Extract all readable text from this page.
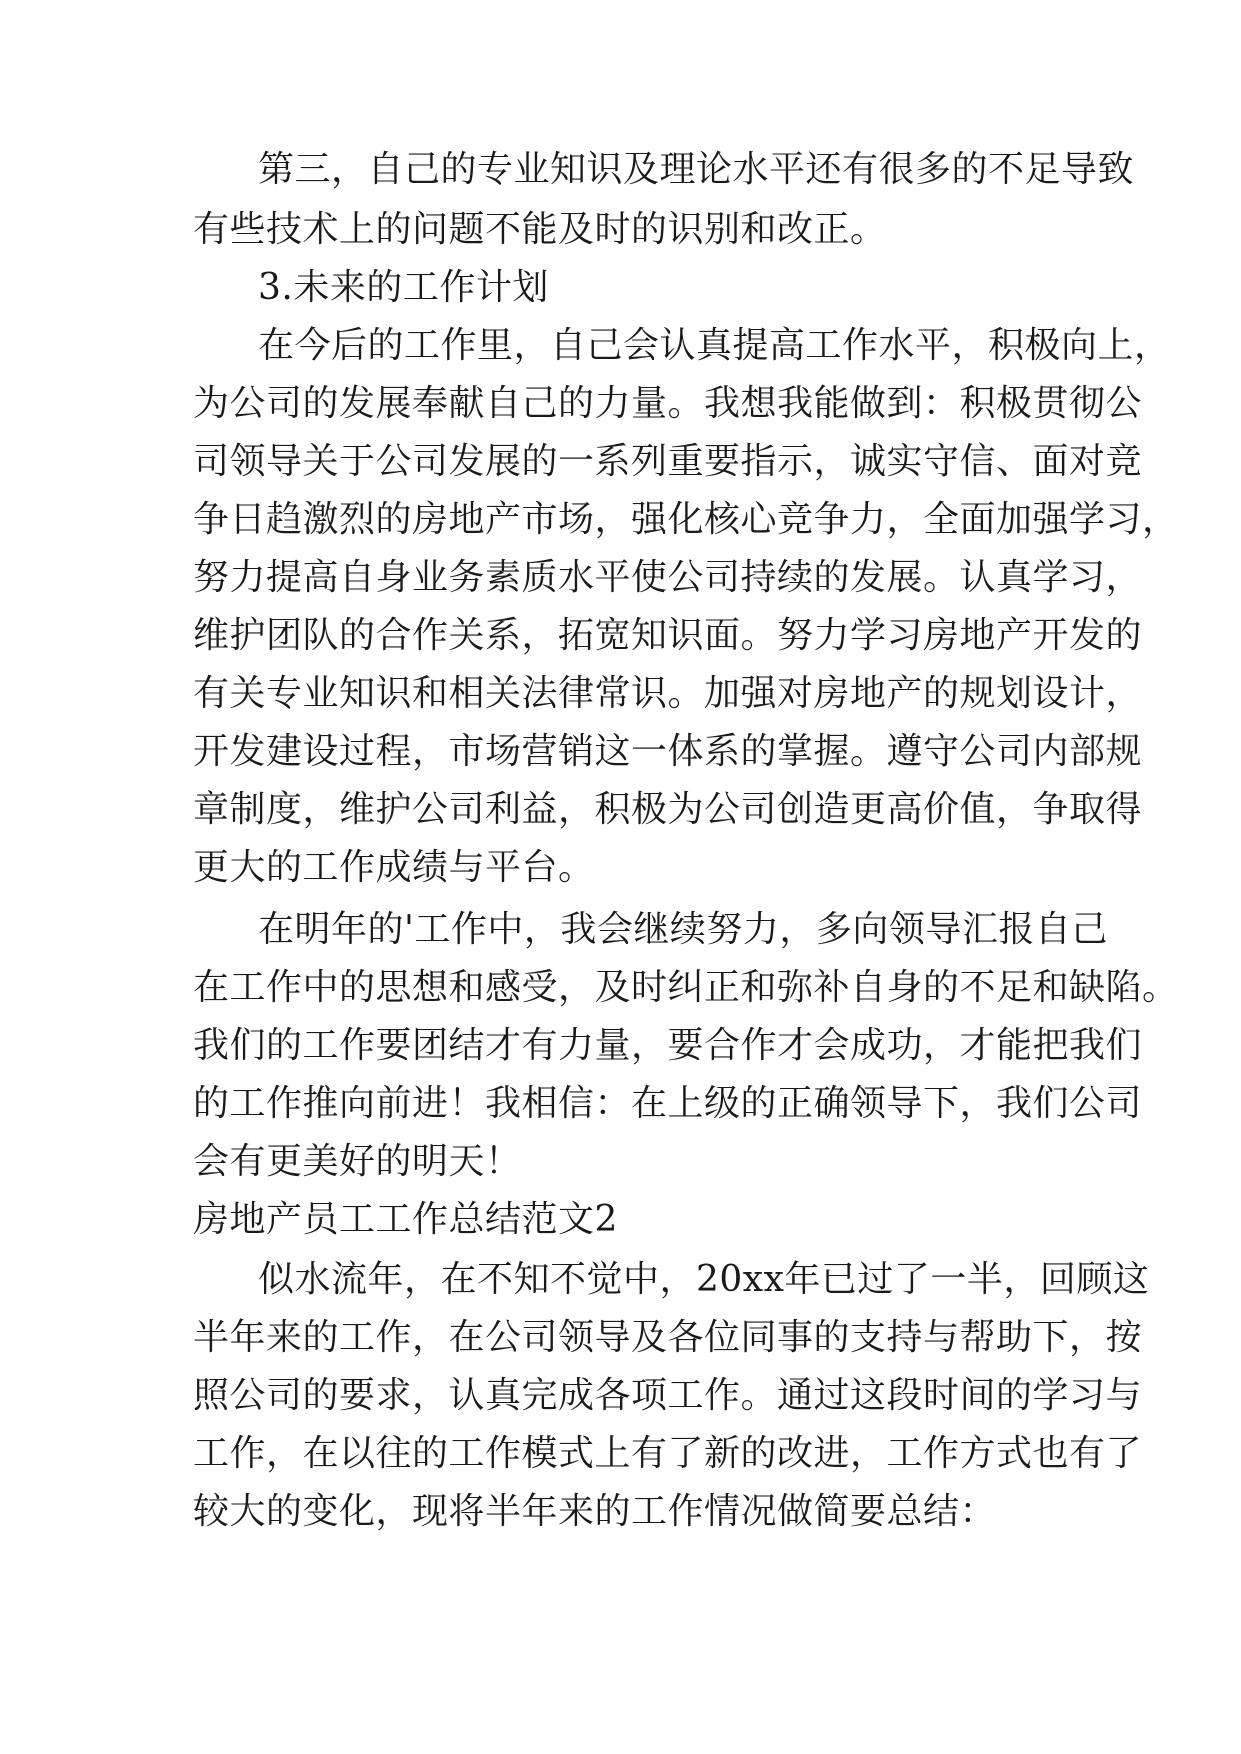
第三，自己的专业知识及理论水平还有很多的不足导致
有些技术上的问题不能及时的识别和改正。
3.未来的工作计划
在今后的工作里，自己会认真提高工作水平，积极向上，
为公司的发展奉献自己的力量。我想我能做到：积极贯彻公
司领导关于公司发展的一系列重要指示，诚实守信、面对竞
争日趋激烈的房地产市场，强化核心竞争力，全面加强学习，
努力提高自身业务素质水平使公司持续的发展。认真学习，
维护团队的合作关系，拓宽知识面。努力学习房地产开发的
有关专业知识和相关法律常识。加强对房地产的规划设计，
开发建设过程，市场营销这一体系的掌握。遵守公司内部规
章制度，维护公司利益，积极为公司创造更高价值，争取得
更大的工作成绩与平台。
在明年的'工作中，我会继续努力，多向领导汇报自己
在工作中的思想和感受，及时纠正和弥补自身的不足和缺陷。
我们的工作要团结才有力量，要合作才会成功，才能把我们
的工作推向前进！我相信：在上级的正确领导下，我们公司
会有更美好的明天！
房地产员工工作总结范文2
似水流年，在不知不觉中，20xx年已过了一半，回顾这
半年来的工作，在公司领导及各位同事的支持与帮助下，按
照公司的要求，认真完成各项工作。通过这段时间的学习与
工作，在以往的工作模式上有了新的改进，工作方式也有了
较大的变化，现将半年来的工作情况做简要总结：
